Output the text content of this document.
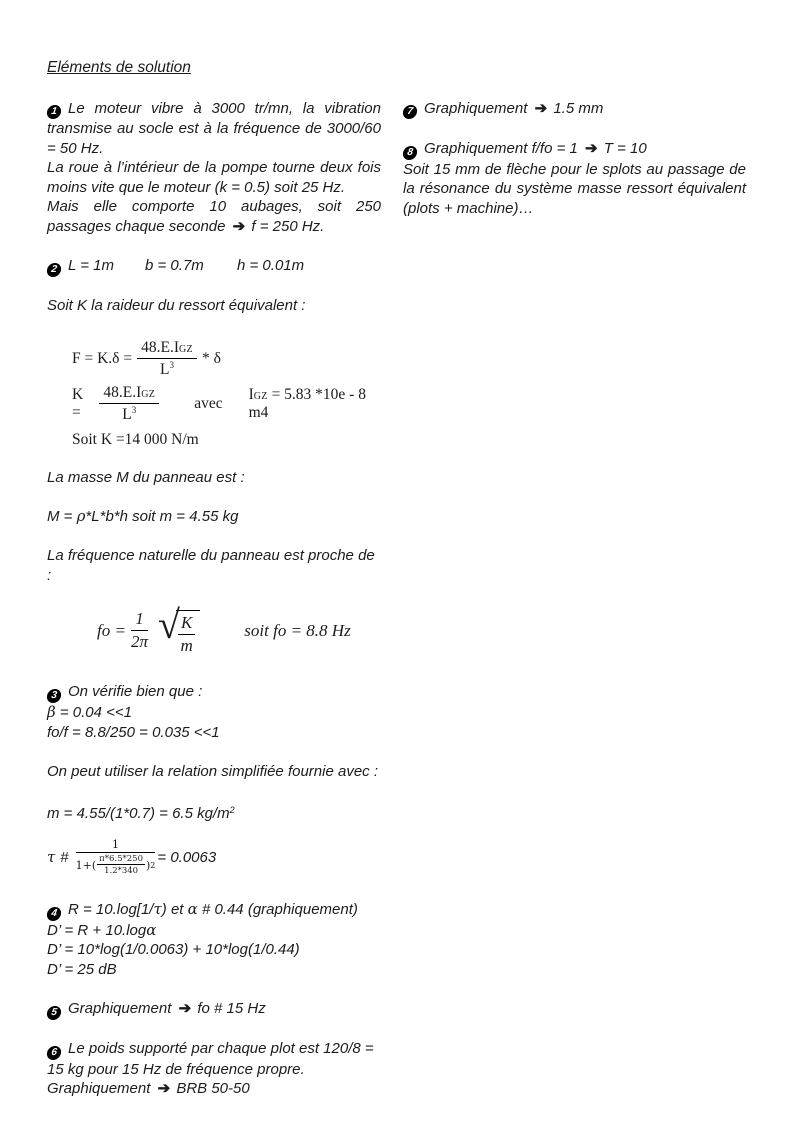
Eléments de solution
1 Le moteur vibre à 3000 tr/mn, la vibration transmise au socle est à la fréquence de 3000/60 = 50 Hz.
La roue à l’intérieur de la pompe tourne deux fois moins vite que le moteur (k = 0.5) soit 25 Hz.
Mais elle comporte 10 aubages, soit 250 passages chaque seconde ➔ f = 250 Hz.
2 L = 1m b = 0.7m h = 0.01m
Soit K la raideur du ressort équivalent :
$F = K.\delta = \frac{\text{48.E.IGZ}}{L^3} * \delta$
K =	$\frac{\text{48.E.IGZ}}{L^3}$ avec
IGZ = 5.83 *10e - 8 m4
Soit K =14 000 N/m
La masse M du panneau est :
M = ρ*L*b*h soit m = 4.55 kg
La fréquence naturelle du panneau est proche de :
fo = $\frac{1}{2\pi}$ √
$\frac{K}{m}$	soit fo = 8.8 Hz
3 On vérifie bien que :
β = 0.04 <<1
fo/f = 8.8/250 = 0.035 <<1
On peut utiliser la relation simplifiée fournie avec :
m = 4.55/(1*0.7) = 6.5 $kg/m^2$
τ #
1
$1+( \frac{\pi*6.5*250}{1.2*340}$ ) 2 = 0.0063
4 R = 10.log[1/τ) et α # 0.44 (graphiquement)
D’ = R + 10.logα
D’ = 10*log(1/0.0063) + 10*log(1/0.44)
D’ = 25 dB
5 Graphiquement ➔ fo # 15 Hz
6 Le poids supporté par chaque plot est 120/8 = 15 kg pour 15 Hz de fréquence propre.
Graphiquement ➔ BRB 50-50
7 Graphiquement ➔ 1.5 mm
8 Graphiquement f/fo = 1 ➔ T = 10
Soit 15 mm de flèche pour le splots au passage de la résonance du système masse ressort équivalent (plots + machine)…
